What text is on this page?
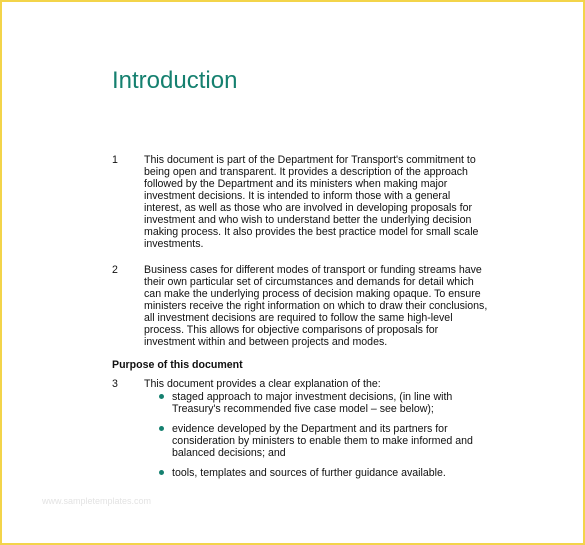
Introduction
1 This document is part of the Department for Transport's commitment to
being open and transparent. It provides a description of the approach
followed by the Department and its ministers when making major
investment decisions. It is intended to inform those with a general
interest, as well as those who are involved in developing proposals for
investment and who wish to understand better the underlying decision
making process. It also provides the best practice model for small scale
investments.
2 Business cases for different modes of transport or funding streams have
their own particular set of circumstances and demands for detail which
can make the underlying process of decision making opaque. To ensure
ministers receive the right information on which to draw their conclusions,
all investment decisions are required to follow the same high-level
process. This allows for objective comparisons of proposals for
investment within and between projects and modes.
Purpose of this document
3 This document provides a clear explanation of the:
staged approach to major investment decisions, (in line with
Treasury's recommended five case model – see below);
evidence developed by the Department and its partners for
consideration by ministers to enable them to make informed and
balanced decisions; and
tools, templates and sources of further guidance available.
www.sampletemplates.com
